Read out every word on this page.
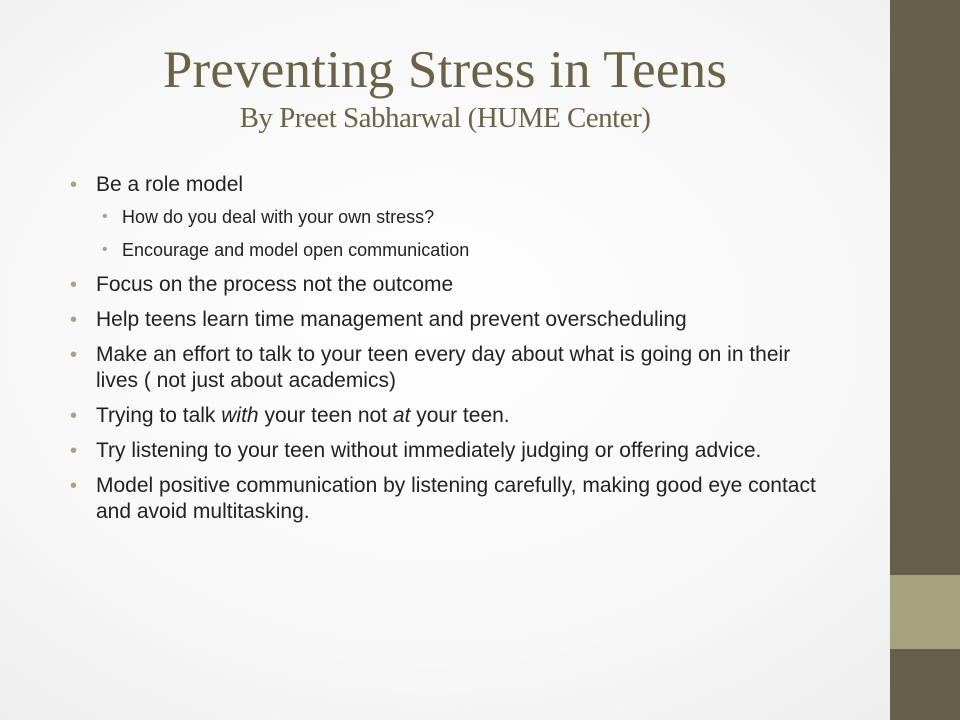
Preventing Stress in Teens
By Preet Sabharwal (HUME Center)
• Be a role model
• How do you deal with your own stress?
• Encourage and model open communication
• Focus on the process not the outcome
• Help teens learn time management and prevent overscheduling
• Make an effort to talk to your teen every day about what is going on in their lives ( not just about academics)
• Trying to talk with your teen not at your teen.
• Try listening to your teen without immediately judging or offering advice.
• Model positive communication by listening carefully, making good eye contact and avoid multitasking.
